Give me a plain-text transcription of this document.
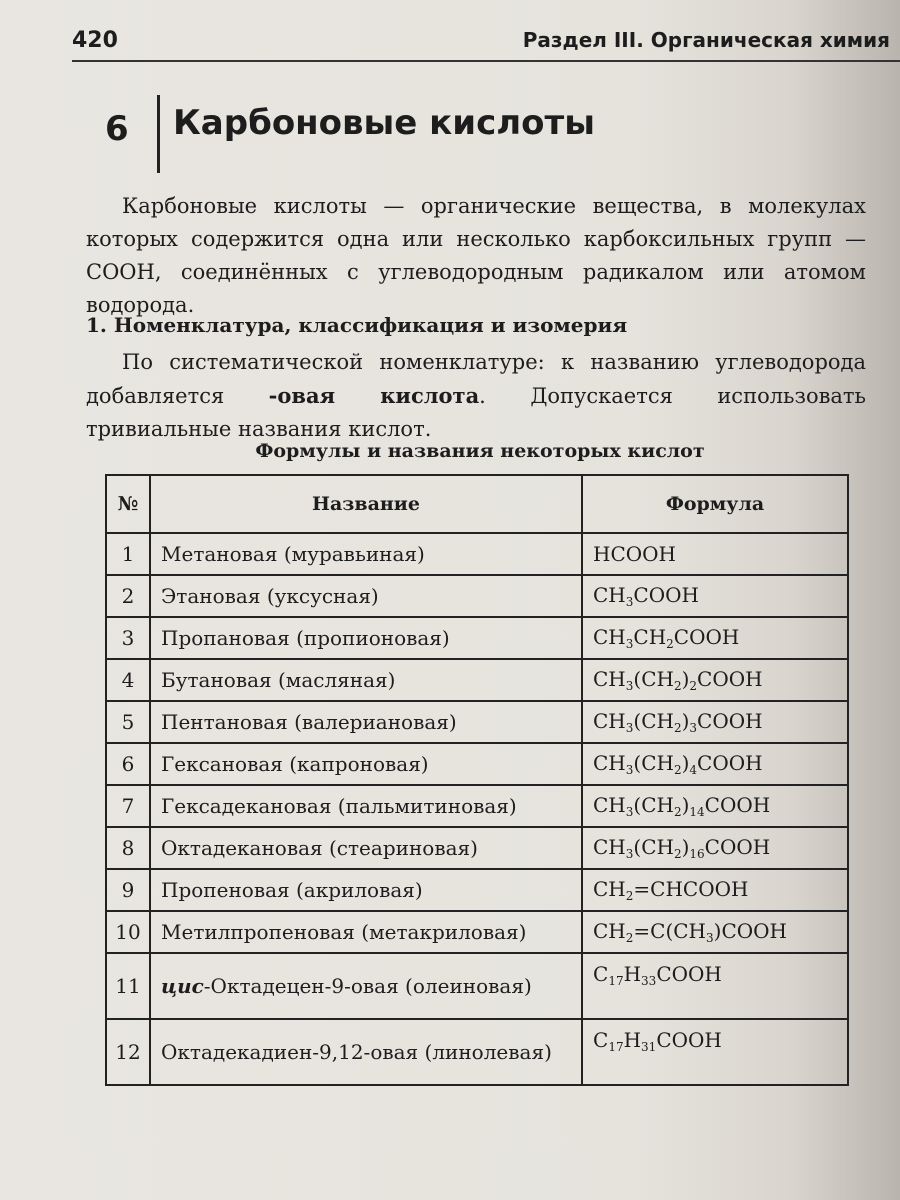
420	Раздел III. Органическая химия
6 Карбоновые кислоты

Карбоновые кислоты — органические вещества, в молекулах которых содержится одна или несколько карбоксильных групп —COOH, соединённых с углеводородным радикалом или атомом водорода.

1. Номенклатура, классификация и изомерия

По систематической номенклатуре: к названию углеводорода добавляется -овая кислота. Допускается использовать тривиальные названия кислот.

Формулы и названия некоторых кислот
№	Название	Формула
1	Метановая (муравьиная)	HCOOH
2	Этановая (уксусная)	$CH_3COOH$
3	Пропановая (пропионовая)	$CH_3CH_2COOH$
4	Бутановая (масляная)	$CH_3(CH_2)_2COOH$
5	Пентановая (валериановая)	$CH_3(CH_2)_3COOH$
6	Гексановая (капроновая)	$CH_3(CH_2)_4COOH$
7	Гексадекановая (пальмитиновая)	$CH_3(CH_2)_{14}COOH$
8	Октадекановая (стеариновая)	$CH_3(CH_2)_{16}COOH$
9	Пропеновая (акриловая)	$CH_2=CHCOOH$
10	Метилпропеновая (метакриловая)	$CH_2=C(CH_3)COOH$
11	цис-Октадецен-9-овая (олеиновая)	$C_{17}H_{33}COOH$
12	Октадекадиен-9,12-овая (линолевая)	$C_{17}H_{31}COOH$
